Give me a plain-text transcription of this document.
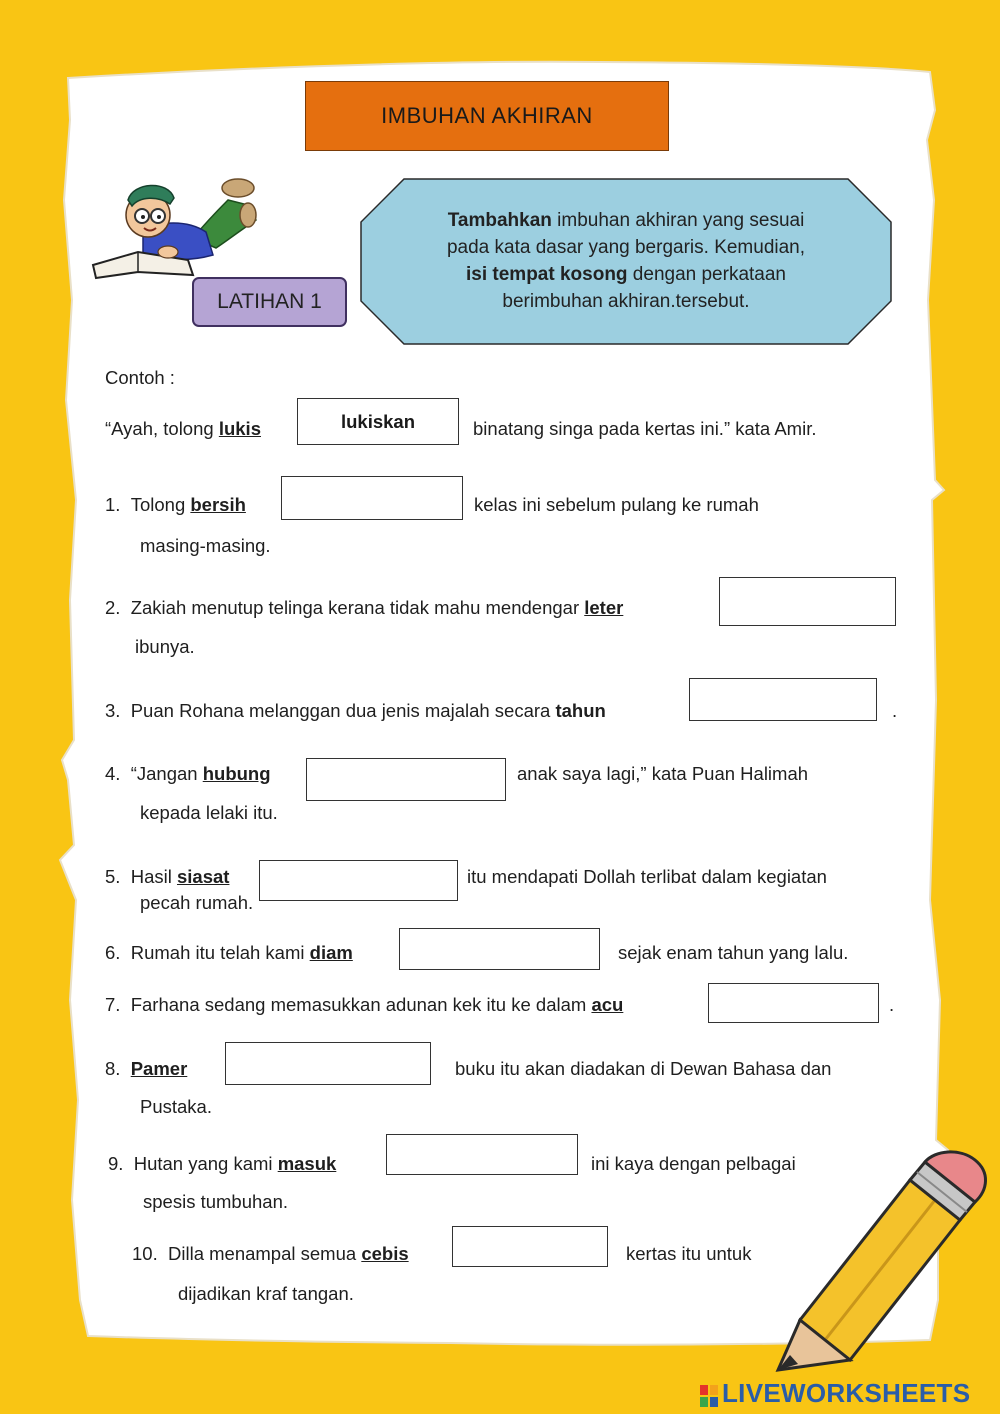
IMBUHAN AKHIRAN
LATIHAN 1
Tambahkan imbuhan akhiran yang sesuai
pada kata dasar yang bergaris. Kemudian,
isi tempat kosong dengan perkataan
berimbuhan akhiran.tersebut.
Contoh :
“Ayah, tolong lukis	lukiskan	binatang singa pada kertas ini.” kata Amir.
1. Tolong bersih	kelas ini sebelum pulang ke rumah
masing-masing.
2. Zakiah menutup telinga kerana tidak mahu mendengar leter
ibunya.
3. Puan Rohana melanggan dua jenis majalah secara tahun	.
4. “Jangan hubung	anak saya lagi,” kata Puan Halimah
kepada lelaki itu.
5. Hasil siasat
pecah rumah.
itu mendapati Dollah terlibat dalam kegiatan
6. Rumah itu telah kami diam	sejak enam tahun yang lalu.
7. Farhana sedang memasukkan adunan kek itu ke dalam acu	.
8. Pamer	buku itu akan diadakan di Dewan Bahasa dan
Pustaka.
9. Hutan yang kami masuk	ini kaya dengan pelbagai
spesis tumbuhan.
10. Dilla menampal semua cebis	kertas itu untuk
dijadikan kraf tangan.
LIVEWORKSHEETS
